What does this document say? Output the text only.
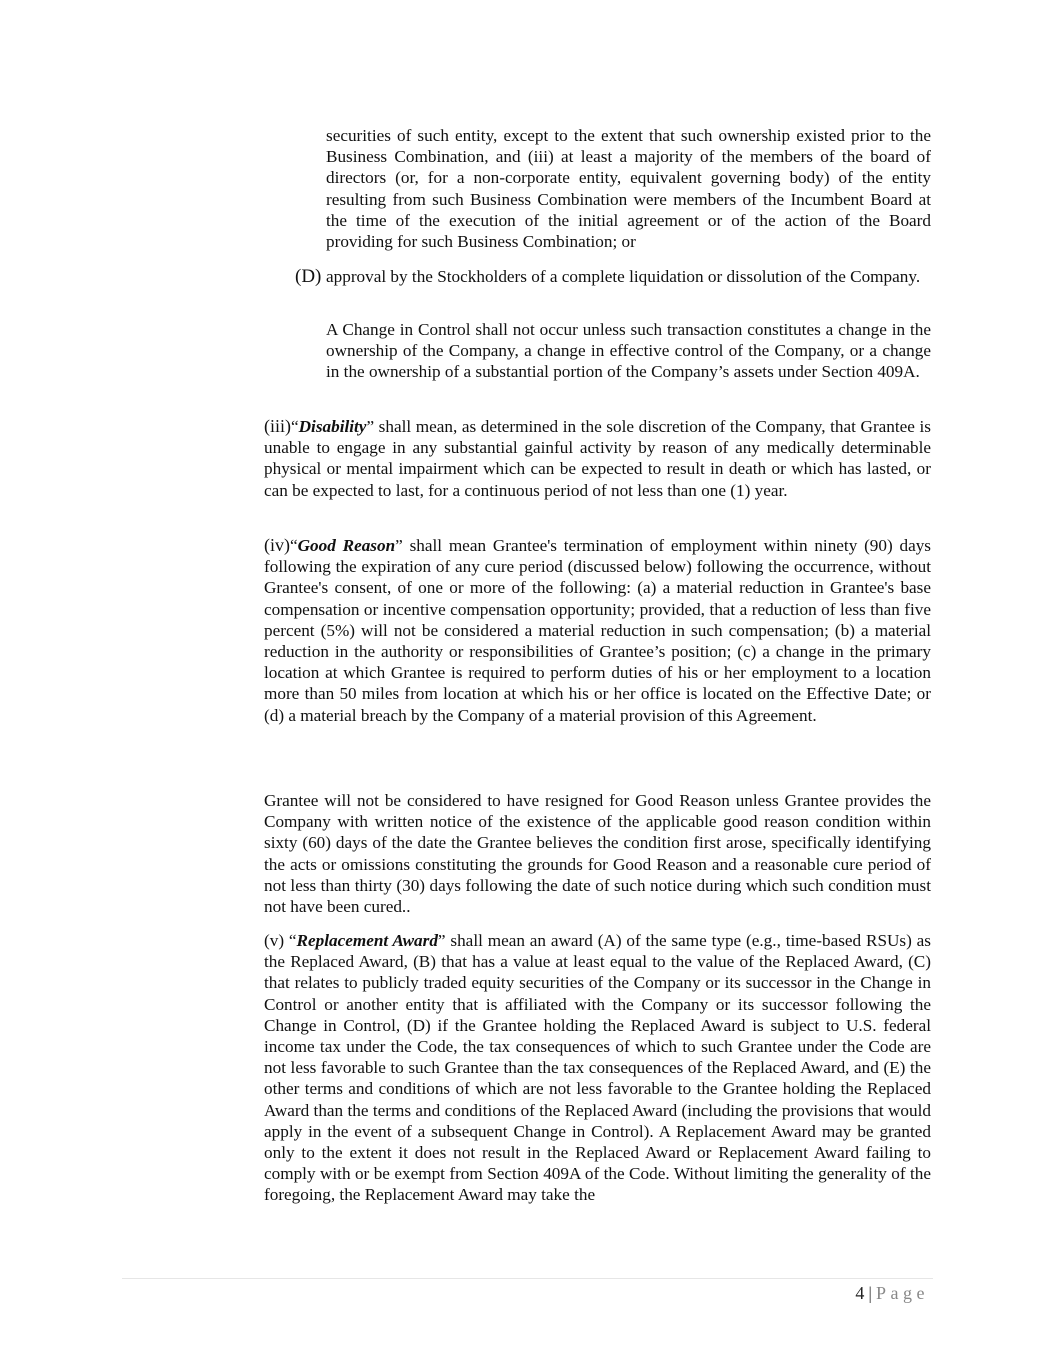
securities of such entity, except to the extent that such ownership existed prior to the Business Combination, and (iii) at least a majority of the members of the board of directors (or, for a non-corporate entity, equivalent governing body) of the entity resulting from such Business Combination were members of the Incumbent Board at the time of the execution of the initial agreement or of the action of the Board providing for such Business Combination; or

(D) approval by the Stockholders of a complete liquidation or dissolution of the Company.

A Change in Control shall not occur unless such transaction constitutes a change in the ownership of the Company, a change in effective control of the Company, or a change in the ownership of a substantial portion of the Company’s assets under Section 409A.

(iii)“Disability” shall mean, as determined in the sole discretion of the Company, that Grantee is unable to engage in any substantial gainful activity by reason of any medically determinable physical or mental impairment which can be expected to result in death or which has lasted, or can be expected to last, for a continuous period of not less than one (1) year.

(iv)“Good Reason” shall mean Grantee's termination of employment within ninety (90) days following the expiration of any cure period (discussed below) following the occurrence, without Grantee's consent, of one or more of the following: (a) a material reduction in Grantee's base compensation or incentive compensation opportunity; provided, that a reduction of less than five percent (5%) will not be considered a material reduction in such compensation; (b) a material reduction in the authority or responsibilities of Grantee’s position; (c) a change in the primary location at which Grantee is required to perform duties of his or her employment to a location more than 50 miles from location at which his or her office is located on the Effective Date; or (d) a material breach by the Company of a material provision of this Agreement.

Grantee will not be considered to have resigned for Good Reason unless Grantee provides the Company with written notice of the existence of the applicable good reason condition within sixty (60) days of the date the Grantee believes the condition first arose, specifically identifying the acts or omissions constituting the grounds for Good Reason and a reasonable cure period of not less than thirty (30) days following the date of such notice during which such condition must not have been cured..

(v) “Replacement Award” shall mean an award (A) of the same type (e.g., time-based RSUs) as the Replaced Award, (B) that has a value at least equal to the value of the Replaced Award, (C) that relates to publicly traded equity securities of the Company or its successor in the Change in Control or another entity that is affiliated with the Company or its successor following the Change in Control, (D) if the Grantee holding the Replaced Award is subject to U.S. federal income tax under the Code, the tax consequences of which to such Grantee under the Code are not less favorable to such Grantee than the tax consequences of the Replaced Award, and (E) the other terms and conditions of which are not less favorable to the Grantee holding the Replaced Award than the terms and conditions of the Replaced Award (including the provisions that would apply in the event of a subsequent Change in Control). A Replacement Award may be granted only to the extent it does not result in the Replaced Award or Replacement Award failing to comply with or be exempt from Section 409A of the Code. Without limiting the generality of the foregoing, the Replacement Award may take the

4 | Page
